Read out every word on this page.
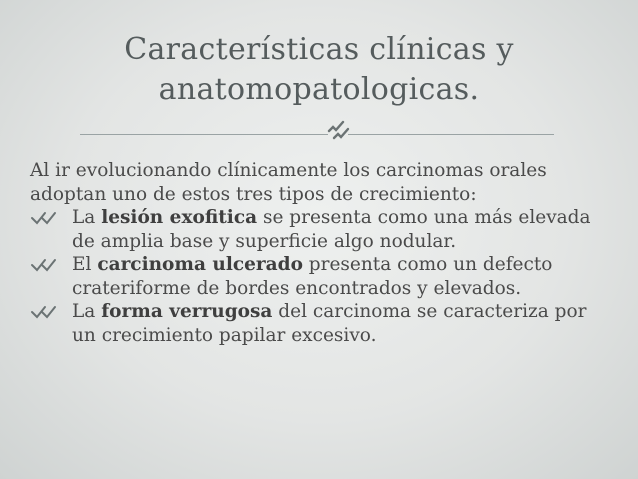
Características clínicas y
anatomopatologicas.

Al ir evolucionando clínicamente los carcinomas orales adoptan uno de estos tres tipos de crecimiento:

La lesión exofitica se presenta como una más elevada de amplia base y superficie algo nodular.

El carcinoma ulcerado presenta como un defecto crateriforme de bordes encontrados y elevados.

La forma verrugosa del carcinoma se caracteriza por un crecimiento papilar excesivo.
